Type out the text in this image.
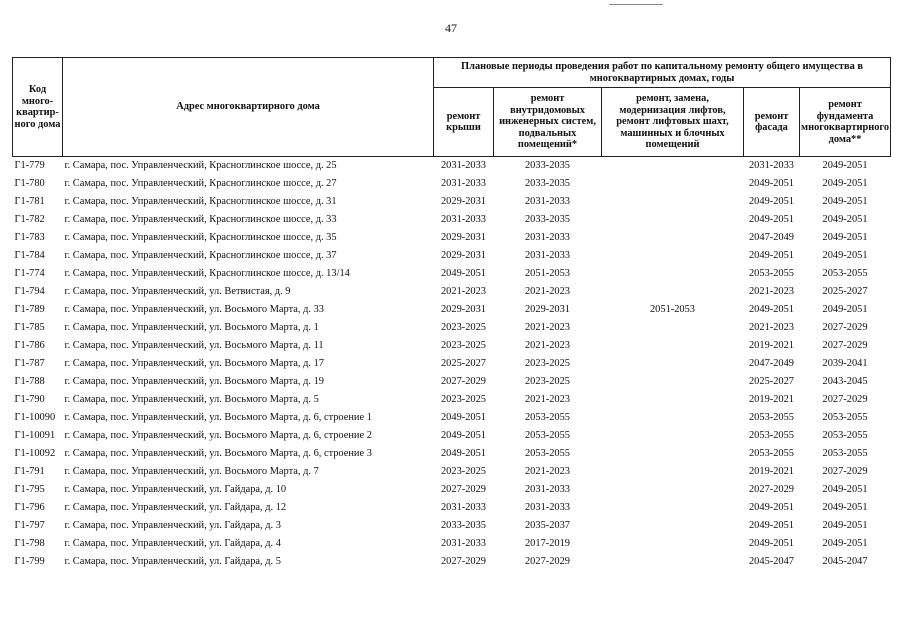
47
Код много-квартир-ного дома	Адрес многоквартирного дома	Плановые периоды проведения работ по капитальному ремонту общего имущества в многоквартирных домах, годы				
		ремонт крыши	ремонт внутридомовых инженерных систем, подвальных помещений*	ремонт, замена, модернизация лифтов, ремонт лифтовых шахт, машинных и блочных помещений	ремонт фасада	ремонт фундамента многоквартирного дома**
Г1-779	г. Самара, пос. Управленческий, Красноглинское шоссе, д. 25	2031-2033	2033-2035		2031-2033	2049-2051
Г1-780	г. Самара, пос. Управленческий, Красноглинское шоссе, д. 27	2031-2033	2033-2035		2049-2051	2049-2051
Г1-781	г. Самара, пос. Управленческий, Красноглинское шоссе, д. 31	2029-2031	2031-2033		2049-2051	2049-2051
Г1-782	г. Самара, пос. Управленческий, Красноглинское шоссе, д. 33	2031-2033	2033-2035		2049-2051	2049-2051
Г1-783	г. Самара, пос. Управленческий, Красноглинское шоссе, д. 35	2029-2031	2031-2033		2047-2049	2049-2051
Г1-784	г. Самара, пос. Управленческий, Красноглинское шоссе, д. 37	2029-2031	2031-2033		2049-2051	2049-2051
Г1-774	г. Самара, пос. Управленческий, Красноглинское шоссе, д. 13/14	2049-2051	2051-2053		2053-2055	2053-2055
Г1-794	г. Самара, пос. Управленческий, ул. Ветвистая, д. 9	2021-2023	2021-2023		2021-2023	2025-2027
Г1-789	г. Самара, пос. Управленческий, ул. Восьмого Марта, д. 33	2029-2031	2029-2031	2051-2053	2049-2051	2049-2051
Г1-785	г. Самара, пос. Управленческий, ул. Восьмого Марта, д. 1	2023-2025	2021-2023		2021-2023	2027-2029
Г1-786	г. Самара, пос. Управленческий, ул. Восьмого Марта, д. 11	2023-2025	2021-2023		2019-2021	2027-2029
Г1-787	г. Самара, пос. Управленческий, ул. Восьмого Марта, д. 17	2025-2027	2023-2025		2047-2049	2039-2041
Г1-788	г. Самара, пос. Управленческий, ул. Восьмого Марта, д. 19	2027-2029	2023-2025		2025-2027	2043-2045
Г1-790	г. Самара, пос. Управленческий, ул. Восьмого Марта, д. 5	2023-2025	2021-2023		2019-2021	2027-2029
Г1-10090	г. Самара, пос. Управленческий, ул. Восьмого Марта, д. 6, строение 1	2049-2051	2053-2055		2053-2055	2053-2055
Г1-10091	г. Самара, пос. Управленческий, ул. Восьмого Марта, д. 6, строение 2	2049-2051	2053-2055		2053-2055	2053-2055
Г1-10092	г. Самара, пос. Управленческий, ул. Восьмого Марта, д. 6, строение 3	2049-2051	2053-2055		2053-2055	2053-2055
Г1-791	г. Самара, пос. Управленческий, ул. Восьмого Марта, д. 7	2023-2025	2021-2023		2019-2021	2027-2029
Г1-795	г. Самара, пос. Управленческий, ул. Гайдара, д. 10	2027-2029	2031-2033		2027-2029	2049-2051
Г1-796	г. Самара, пос. Управленческий, ул. Гайдара, д. 12	2031-2033	2031-2033		2049-2051	2049-2051
Г1-797	г. Самара, пос. Управленческий, ул. Гайдара, д. 3	2033-2035	2035-2037		2049-2051	2049-2051
Г1-798	г. Самара, пос. Управленческий, ул. Гайдара, д. 4	2031-2033	2017-2019		2049-2051	2049-2051
Г1-799	г. Самара, пос. Управленческий, ул. Гайдара, д. 5	2027-2029	2027-2029		2045-2047	2045-2047
